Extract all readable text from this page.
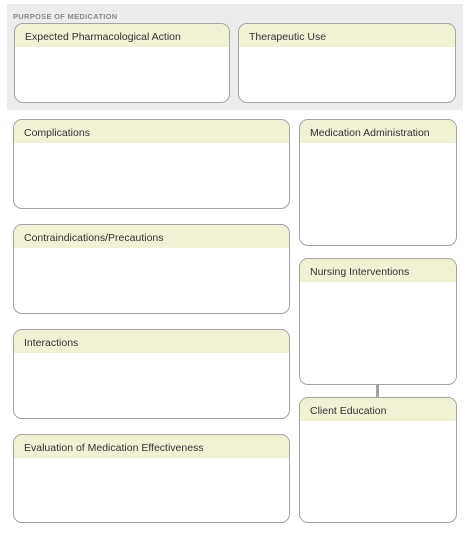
PURPOSE OF MEDICATION
Expected Pharmacological Action	Therapeutic Use
Complications
Contraindications/Precautions
Interactions
Evaluation of Medication Effectiveness
Medication Administration
Nursing Interventions
Client Education
